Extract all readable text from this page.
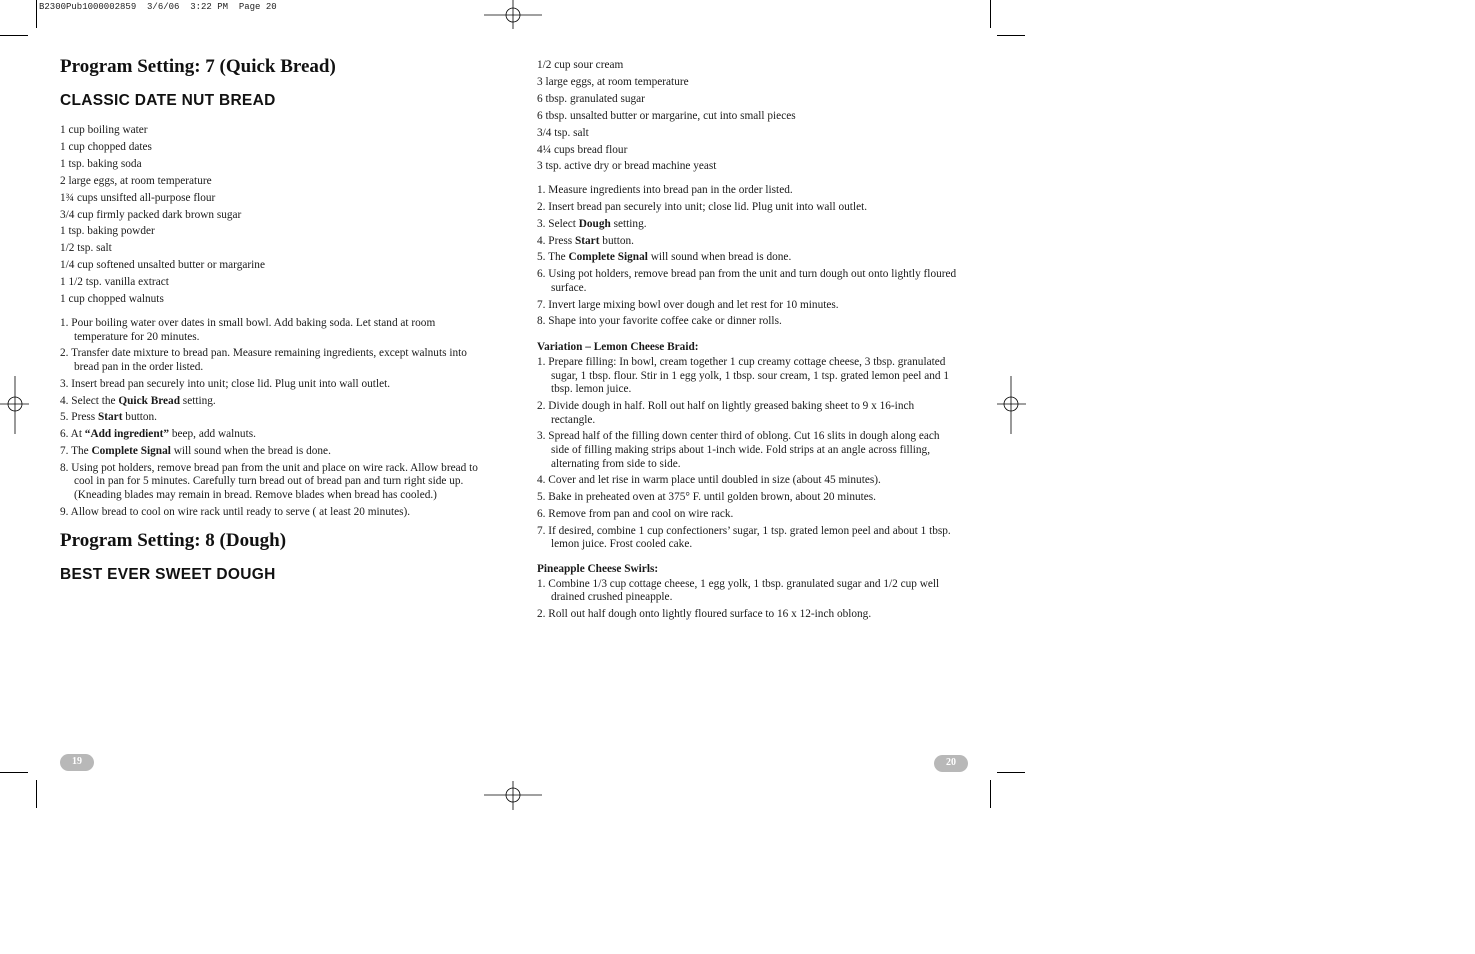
B2300Pub1000002859  3/6/06  3:22 PM  Page 20
Program Setting: 7 (Quick Bread)
CLASSIC DATE NUT BREAD
1 cup boiling water
1 cup chopped dates
1 tsp. baking soda
2 large eggs, at room temperature
1¾ cups unsifted all-purpose flour
3/4 cup firmly packed dark brown sugar
1 tsp. baking powder
1/2 tsp. salt
1/4 cup softened unsalted butter or margarine
1 1/2 tsp. vanilla extract
1 cup chopped walnuts
1. Pour boiling water over dates in small bowl. Add baking soda. Let stand at room temperature for 20 minutes.
2. Transfer date mixture to bread pan. Measure remaining ingredients, except walnuts into bread pan in the order listed.
3. Insert bread pan securely into unit; close lid. Plug unit into wall outlet.
4. Select the Quick Bread setting.
5. Press Start button.
6. At “Add ingredient” beep, add walnuts.
7. The Complete Signal will sound when the bread is done.
8. Using pot holders, remove bread pan from the unit and place on wire rack. Allow bread to cool in pan for 5 minutes. Carefully turn bread out of bread pan and turn right side up. (Kneading blades may remain in bread. Remove blades when bread has cooled.)
9. Allow bread to cool on wire rack until ready to serve ( at least 20 minutes).
Program Setting: 8 (Dough)
BEST EVER SWEET DOUGH
1/2 cup sour cream
3 large eggs, at room temperature
6 tbsp. granulated sugar
6 tbsp. unsalted butter or margarine, cut into small pieces
3/4 tsp. salt
4¼ cups bread flour
3 tsp. active dry or bread machine yeast
1. Measure ingredients into bread pan in the order listed.
2. Insert bread pan securely into unit; close lid. Plug unit into wall outlet.
3. Select Dough setting.
4. Press Start button.
5. The Complete Signal will sound when bread is done.
6. Using pot holders, remove bread pan from the unit and turn dough out onto lightly floured surface.
7. Invert large mixing bowl over dough and let rest for 10 minutes.
8. Shape into your favorite coffee cake or dinner rolls.

Variation – Lemon Cheese Braid:

1. Prepare filling: In bowl, cream together 1 cup creamy cottage cheese, 3 tbsp. granulated sugar, 1 tbsp. flour. Stir in 1 egg yolk, 1 tbsp. sour cream, 1 tsp. grated lemon peel and 1 tbsp. lemon juice.
2. Divide dough in half. Roll out half on lightly greased baking sheet to 9 x 16-inch rectangle.
3. Spread half of the filling down center third of oblong. Cut 16 slits in dough along each side of filling making strips about 1-inch wide. Fold strips at an angle across filling, alternating from side to side.
4. Cover and let rise in warm place until doubled in size (about 45 minutes).
5. Bake in preheated oven at 375° F. until golden brown, about 20 minutes.
6. Remove from pan and cool on wire rack.
7. If desired, combine 1 cup confectioners’ sugar, 1 tsp. grated lemon peel and about 1 tbsp. lemon juice. Frost cooled cake.

Pineapple Cheese Swirls:

1. Combine 1/3 cup cottage cheese, 1 egg yolk, 1 tbsp. granulated sugar and 1/2 cup well drained crushed pineapple.
2. Roll out half dough onto lightly floured surface to 16 x 12-inch oblong.
19	20
